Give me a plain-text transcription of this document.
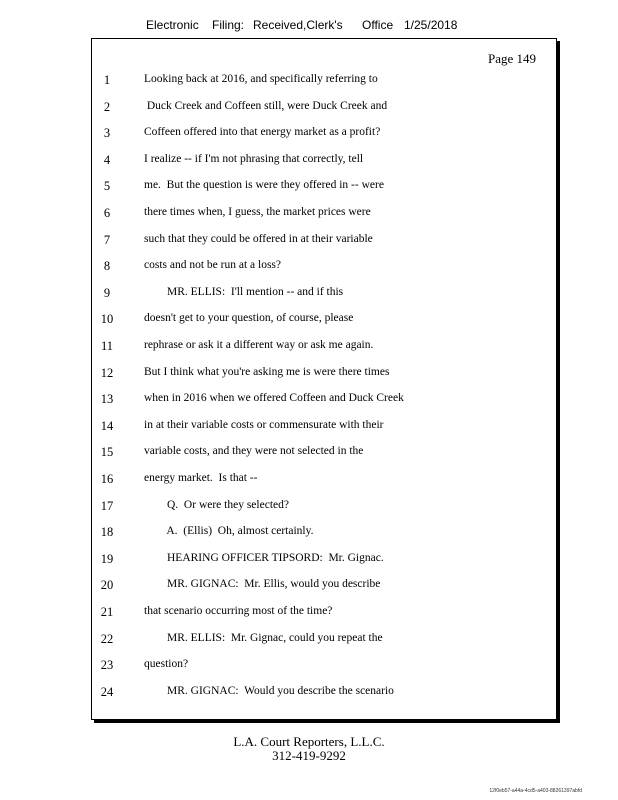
Electronic Filing: Received,Clerk's Office 1/25/2018
Page 149
1	Looking back at 2016, and specifically referring to
2	Duck Creek and Coffeen still, were Duck Creek and
3	Coffeen offered into that energy market as a profit?
4	I realize -- if I'm not phrasing that correctly, tell
5	me.  But the question is were they offered in -- were
6	there times when, I guess, the market prices were
7	such that they could be offered in at their variable
8	costs and not be run at a loss?
9	MR. ELLIS:  I'll mention -- and if this
10	doesn't get to your question, of course, please
11	rephrase or ask it a different way or ask me again.
12	But I think what you're asking me is were there times
13	when in 2016 when we offered Coffeen and Duck Creek
14	in at their variable costs or commensurate with their
15	variable costs, and they were not selected in the
16	energy market.  Is that --
17	Q.  Or were they selected?
18	A.  (Ellis)  Oh, almost certainly.
19	HEARING OFFICER TIPSORD:  Mr. Gignac.
20	MR. GIGNAC:  Mr. Ellis, would you describe
21	that scenario occurring most of the time?
22	MR. ELLIS:  Mr. Gignac, could you repeat the
23	question?
24	MR. GIGNAC:  Would you describe the scenario
L.A. Court Reporters, L.L.C.
312-419-9292
12f0eb57-a44a-4cd5-a403-88261397abfd
